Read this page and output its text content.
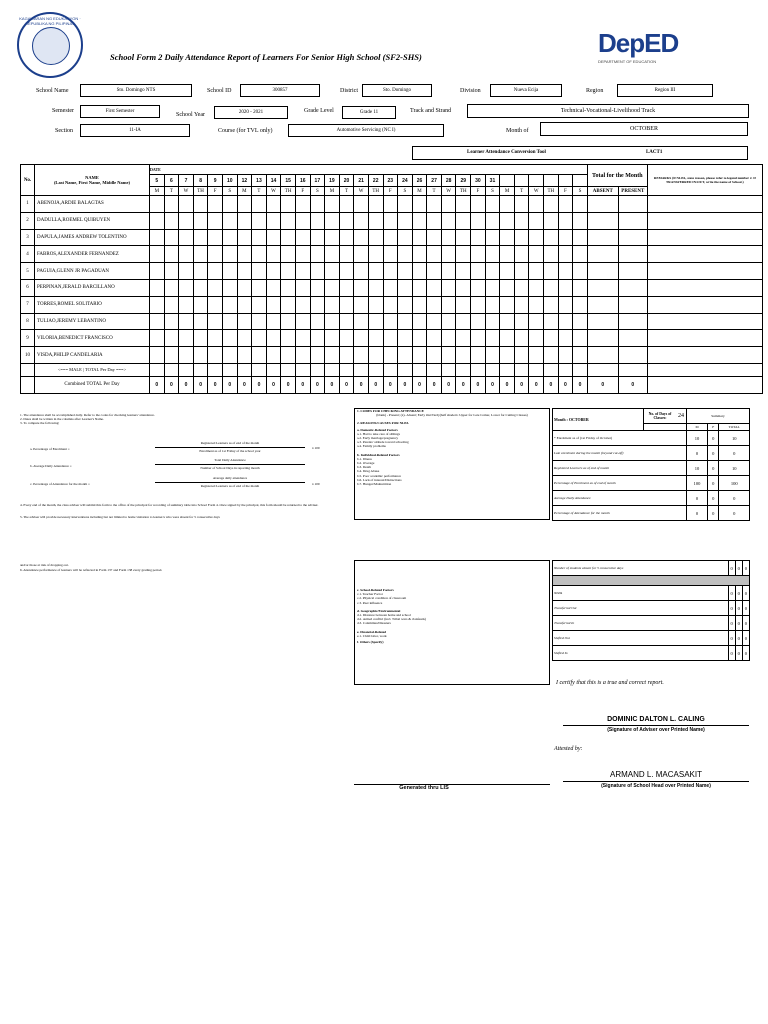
KAGAWARAN NG EDUKASYON · REPUBLIKA NG PILIPINAS
School Form 2 Daily Attendance Report of Learners For Senior High School (SF2-SHS)	DepED
DEPARTMENT OF EDUCATION
School Name	Sto. Domingo NTS	School ID	300857	District	Sto. Domingo	Division	Nueva Ecija	Region	Region III
Semester	First Semester
School Year	2020 - 2021	Grade Level	Grade 11	Track and Strand	Technical-Vocational-Livelihood Track
Section	11-IA	Course (for TVL only)	Automotive Servicing (NC I)	Month of	OCTOBER
Learner Attendance Conversion Tool	LACT1
No.	NAME
(Last Name, First Name, Middle Name)	DATE																														Total for the Month		REMARKS (If NLPA, state reason, please refer to legend number 2. If TRANSFERRED IN/OUT, write the name of School.)
		5	6	7	8	9	10	12	13	14	15	16	17	19	20	21	22	23	24	26	27	28	29	30	31									
		M	T	W	TH	F	S	M	T	W	TH	F	S	M	T	W	TH	F	S	M	T	W	TH	F	S	M	T	W	TH	F	S	ABSENT	PRESENT	
1	ABENOJA,ARDIE BALAGTAS																																	
2	DADULLA,ROEMEL QUIBUYEN																																	
3	DAPULA,JAMES ANDREW TOLENTINO																																	
4	FABROS,ALEXANDER FERNANDEZ																																	
5	PAGUIA,GLENN JR PAGADUAN																																	
6	PERPINAN,JERALD BARCILLANO																																	
7	TORRES,ROMEL SOLITARIO																																	
8	TULIAO,JEREMY LEBANTINO																																	
9	VILORIA,BENEDICT FRANCISCO																																	
10	VISDA,PHILIP CANDELARIA																																	
	<=== MALE | TOTAL Per Day ===>																																	
	Combined TOTAL Per Day	0	0	0	0	0	0	0	0	0	0	0	0	0	0	0	0	0	0	0	0	0	0	0	0	0	0	0	0	0	0	0	0	
1. The attendance shall be accomplished daily. Refer to the codes for checking learners' attendance.
2. Dates shall be written in the columns after Learner's Name.
3. To compute the following:
a. Percentage of Enrolment =
Registered Learners as of end of the month
Enrolment as of 1st Friday of the school year
x 100
b. Average Daily Attendance =
Total Daily Attendance
Number of School Days in reporting month
c. Percentage of Attendance for the month =
Average daily attendance
Registered Learners as of end of the month	x 100
4. Every end of the month, the class adviser will submit this form to the office of the principal for recording of summary table into School Form 4. Once signed by the principal, this form should be returned to the adviser.
5. The adviser will provide necessary interventions including but not limited to home visitation to learner/s who were absent for 5 consecutive days
and/or those at risk of dropping out.
6. Attendance performance of learners will be reflected in Form 137 and Form 138 every grading period.
1. CODES FOR CHECKING ATTENDANCE
(blank) - Present; (x)- Absent; Early Out/Tardy(half shaded= Upper for Late Comer, Lower for Cutting Classes)
2. REASONS/CAUSES FOR NLPA
a. Domestic-Related Factors
a.1. Had to take care of siblings
a.2. Early marriage/pregnancy
a.3. Parents' attitude toward schooling
a.4. Family problems
b. Individual-Related Factors
b.1. Illness
b.2. Overage
b.3. Death
b.4. Drug Abuse
b.5. Poor academic performance
b.6. Lack of interest/Distractions
b.7. Hunger/Malnutrition
c. School-Related Factors
c.1. Teacher Factor
c.2. Physical condition of classroom
c.3. Peer influence
d. Geographic/Environmental
d.1. Distance between home and school
d.2. Armed conflict (incl. Tribal wars & clanfeuds)
d.3. Calamities/Disasters
e. Financial-Related
e.1. Child labor, work
f. Others (Specify)
Month : OCTOBER	No. of Days of Classes:	24	Summary		
			M	F	TOTAL
* Enrolment as of (1st Friday of October)			10	0	10
Late enrolment during the month (beyond cut-off)			0	0	0
Registered Learners as of end of month			10	0	10
Percentage of Enrolment as of end of month			100	0	100
Average Daily Attendance			0	0	0
Percentage of Attendance for the month			0	0	0
Number of students absent for 5 consecutive days	0	0	0

NLPA	0	0	0
Transferred Out	0	0	0
Transferred In	0	0	0
Shifted Out	0	0	0
Shifted In	0	0	0
I certify that this is a true and correct report.
DOMINIC DALTON L. CALING
(Signature of Adviser over Printed Name)
Attested by:
ARMAND L. MACASAKIT
(Signature of School Head over Printed Name)
Generated thru LIS
